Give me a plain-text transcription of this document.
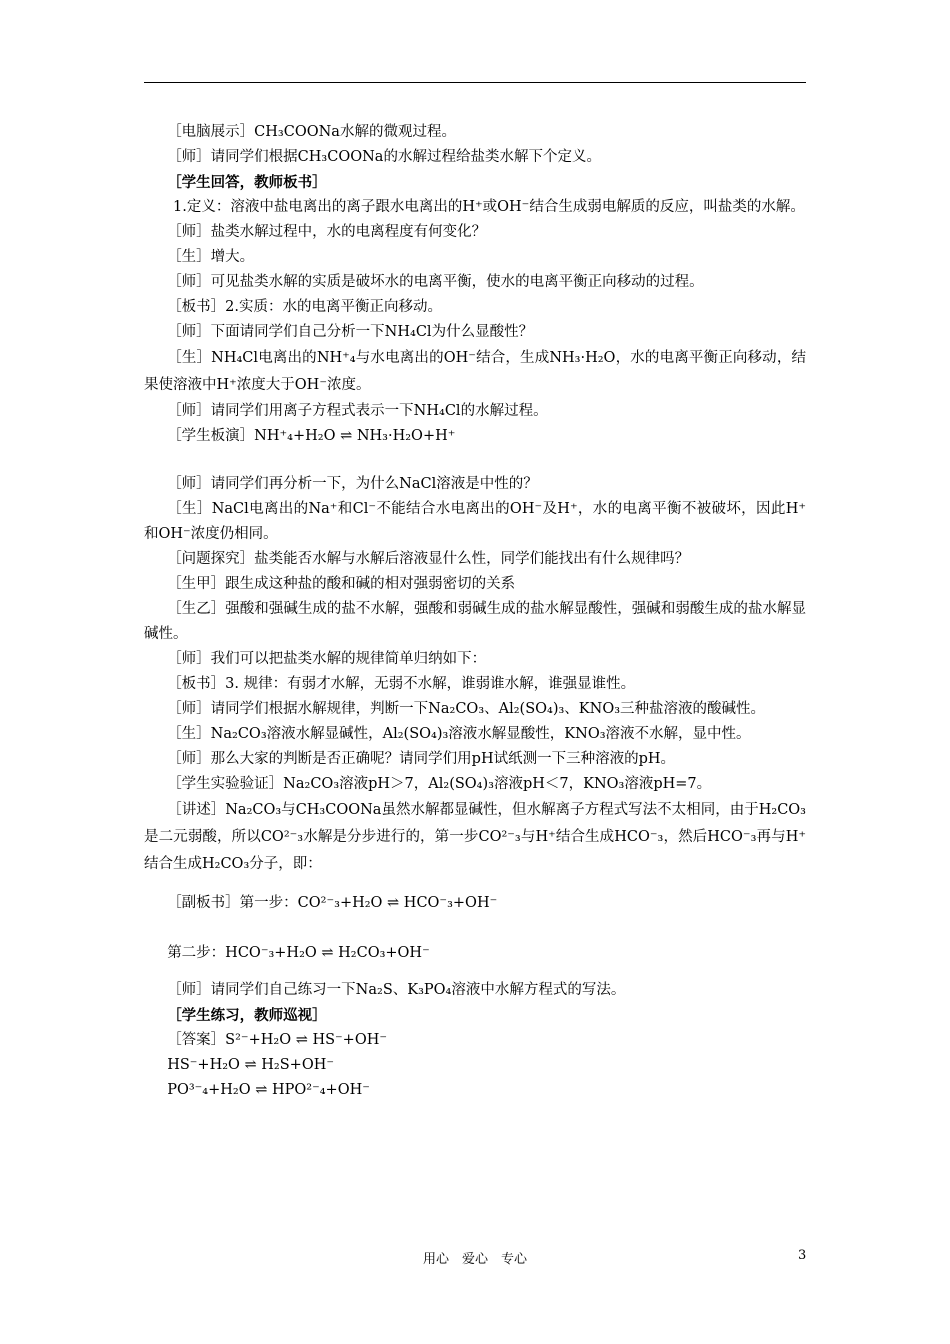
［电脑展示］CH₃COONa水解的微观过程。

［师］请同学们根据CH₃COONa的水解过程给盐类水解下个定义。

［学生回答，教师板书］

1.定义：溶液中盐电离出的离子跟水电离出的H⁺或OH⁻结合生成弱电解质的反应，叫盐类的水解。

［师］盐类水解过程中，水的电离程度有何变化？

［生］增大。

［师］可见盐类水解的实质是破坏水的电离平衡，使水的电离平衡正向移动的过程。

［板书］2.实质：水的电离平衡正向移动。

［师］下面请同学们自己分析一下NH₄Cl为什么显酸性？

［生］NH₄Cl电离出的NH⁺₄与水电离出的OH⁻结合，生成NH₃·H₂O，水的电离平衡正向移动，结果使溶液中H⁺浓度大于OH⁻浓度。

［师］请同学们用离子方程式表示一下NH₄Cl的水解过程。

［学生板演］NH⁺₄+H₂O ⇌ NH₃·H₂O+H⁺

［师］请同学们再分析一下，为什么NaCl溶液是中性的？

［生］NaCl电离出的Na⁺和Cl⁻不能结合水电离出的OH⁻及H⁺，水的电离平衡不被破坏，因此H⁺和OH⁻浓度仍相同。

［问题探究］盐类能否水解与水解后溶液显什么性，同学们能找出有什么规律吗？

［生甲］跟生成这种盐的酸和碱的相对强弱密切的关系

［生乙］强酸和强碱生成的盐不水解，强酸和弱碱生成的盐水解显酸性，强碱和弱酸生成的盐水解显碱性。

［师］我们可以把盐类水解的规律简单归纳如下：

［板书］3. 规律：有弱才水解，无弱不水解，谁弱谁水解，谁强显谁性。

［师］请同学们根据水解规律，判断一下Na₂CO₃、Al₂(SO₄)₃、KNO₃三种盐溶液的酸碱性。

［生］Na₂CO₃溶液水解显碱性，Al₂(SO₄)₃溶液水解显酸性，KNO₃溶液不水解，显中性。

［师］那么大家的判断是否正确呢？请同学们用pH试纸测一下三种溶液的pH。

［学生实验验证］Na₂CO₃溶液pH＞7，Al₂(SO₄)₃溶液pH＜7，KNO₃溶液pH=7。

［讲述］Na₂CO₃与CH₃COONa虽然水解都显碱性，但水解离子方程式写法不太相同，由于H₂CO₃是二元弱酸，所以CO²⁻₃水解是分步进行的，第一步CO²⁻₃与H⁺结合生成HCO⁻₃，然后HCO⁻₃再与H⁺结合生成H₂CO₃分子，即：

［副板书］第一步：CO²⁻₃+H₂O ⇌ HCO⁻₃+OH⁻

第二步：HCO⁻₃+H₂O ⇌ H₂CO₃+OH⁻

［师］请同学们自己练习一下Na₂S、K₃PO₄溶液中水解方程式的写法。

［学生练习，教师巡视］

［答案］S²⁻+H₂O ⇌ HS⁻+OH⁻

HS⁻+H₂O ⇌ H₂S+OH⁻

PO³⁻₄+H₂O ⇌ HPO²⁻₄+OH⁻

用心　爱心　专心	3
